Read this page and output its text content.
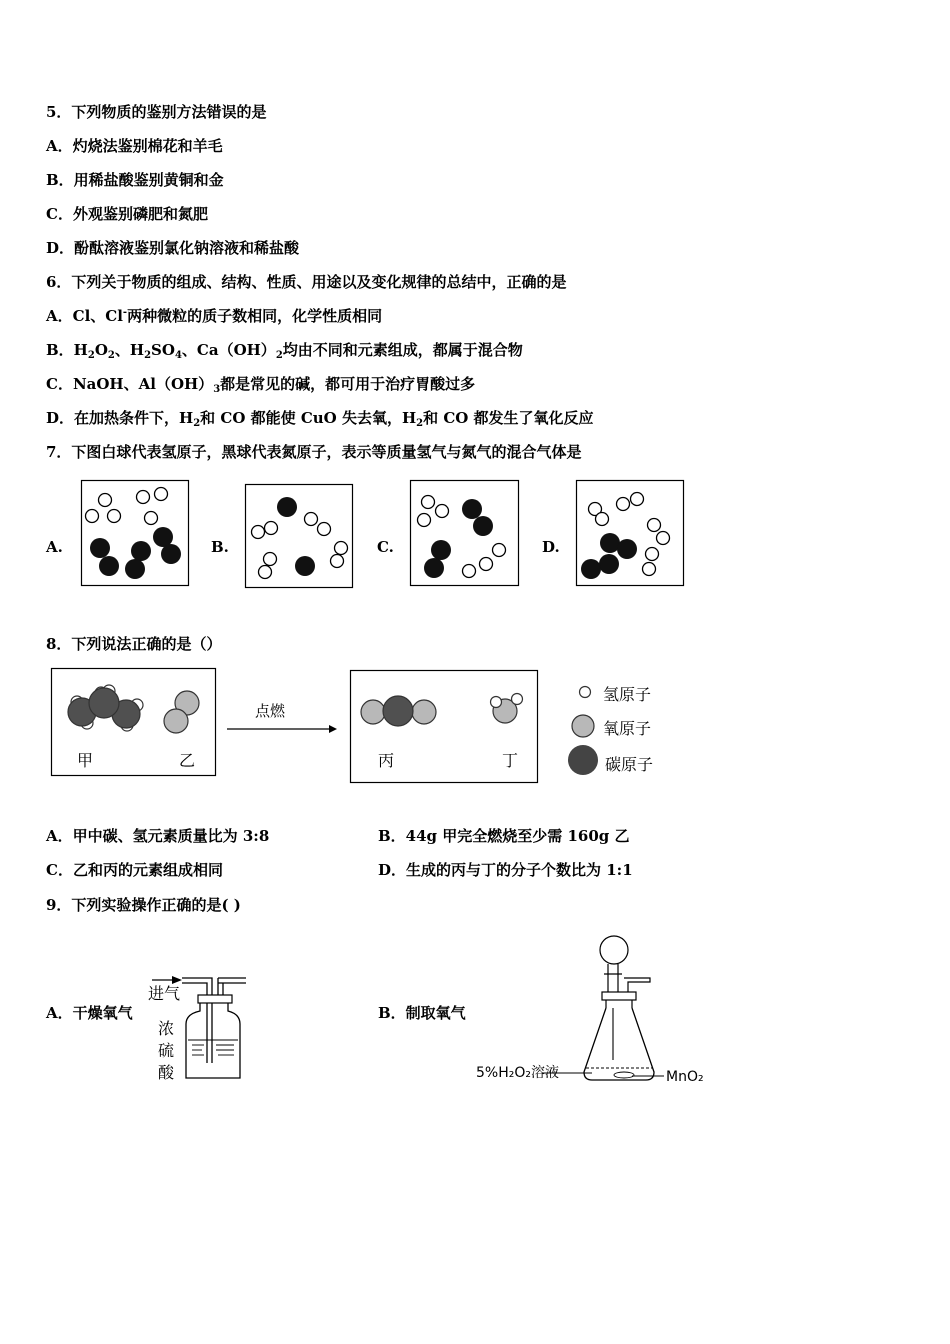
5．下列物质的鉴别方法错误的是
A．灼烧法鉴别棉花和羊毛
B．用稀盐酸鉴别黄铜和金
C．外观鉴别磷肥和氮肥
D．酚酞溶液鉴别氯化钠溶液和稀盐酸
6．下列关于物质的组成、结构、性质、用途以及变化规律的总结中，正确的是
A．Cl、Cl-两种微粒的质子数相同，化学性质相同
B．$H_2O_2$、$H_2SO_4$、$Ca(OH)_2$均由不同和元素组成，都属于混合物
C．NaOH、$Al(OH)_3$都是常见的碱，都可用于治疗胃酸过多
D．在加热条件下，$H_2$和 CO 都能使 CuO 失去氧，$H_2$和 CO 都发生了氧化反应
7．下图白球代表氢原子，黑球代表氮原子，表示等质量氢气与氮气的混合气体是
A.	B.	C.	D.
8．下列说法正确的是（）
甲	乙
点燃
丙	丁
氢原子
氧原子
碳原子
A．甲中碳、氢元素质量比为 3:8	B．44g 甲完全燃烧至少需 160g 乙
C．乙和丙的元素组成相同	D．生成的丙与丁的分子个数比为 1:1
9．下列实验操作正确的是( )
A．干燥氧气
进气
浓
硫
酸
B．制取氧气
5%H₂O₂溶液	MnO₂
